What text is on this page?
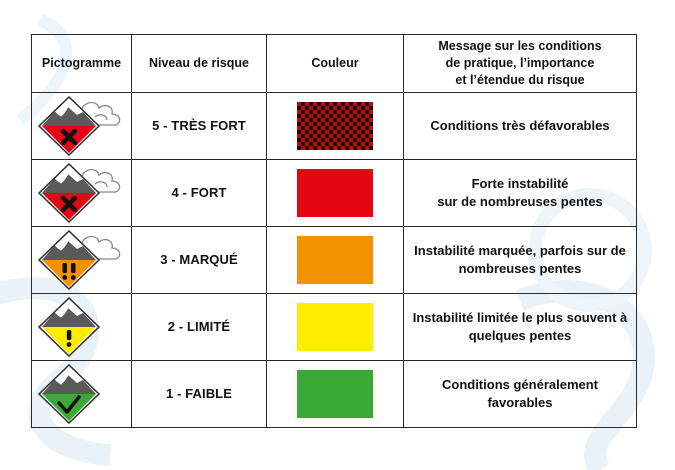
Pictogramme	Niveau de risque	Couleur	Message sur les conditions
de pratique, l’importance
et l’étendue du risque

	5 - TRÈS FORT		Conditions très défavorables

	4 - FORT		Forte instabilité
sur de nombreuses pentes

	3 - MARQUÉ		Instabilité marquée, parfois sur de
nombreuses pentes

	2 - LIMITÉ		Instabilité limitée le plus souvent à
quelques pentes

	1 - FAIBLE		Conditions généralement
favorables
